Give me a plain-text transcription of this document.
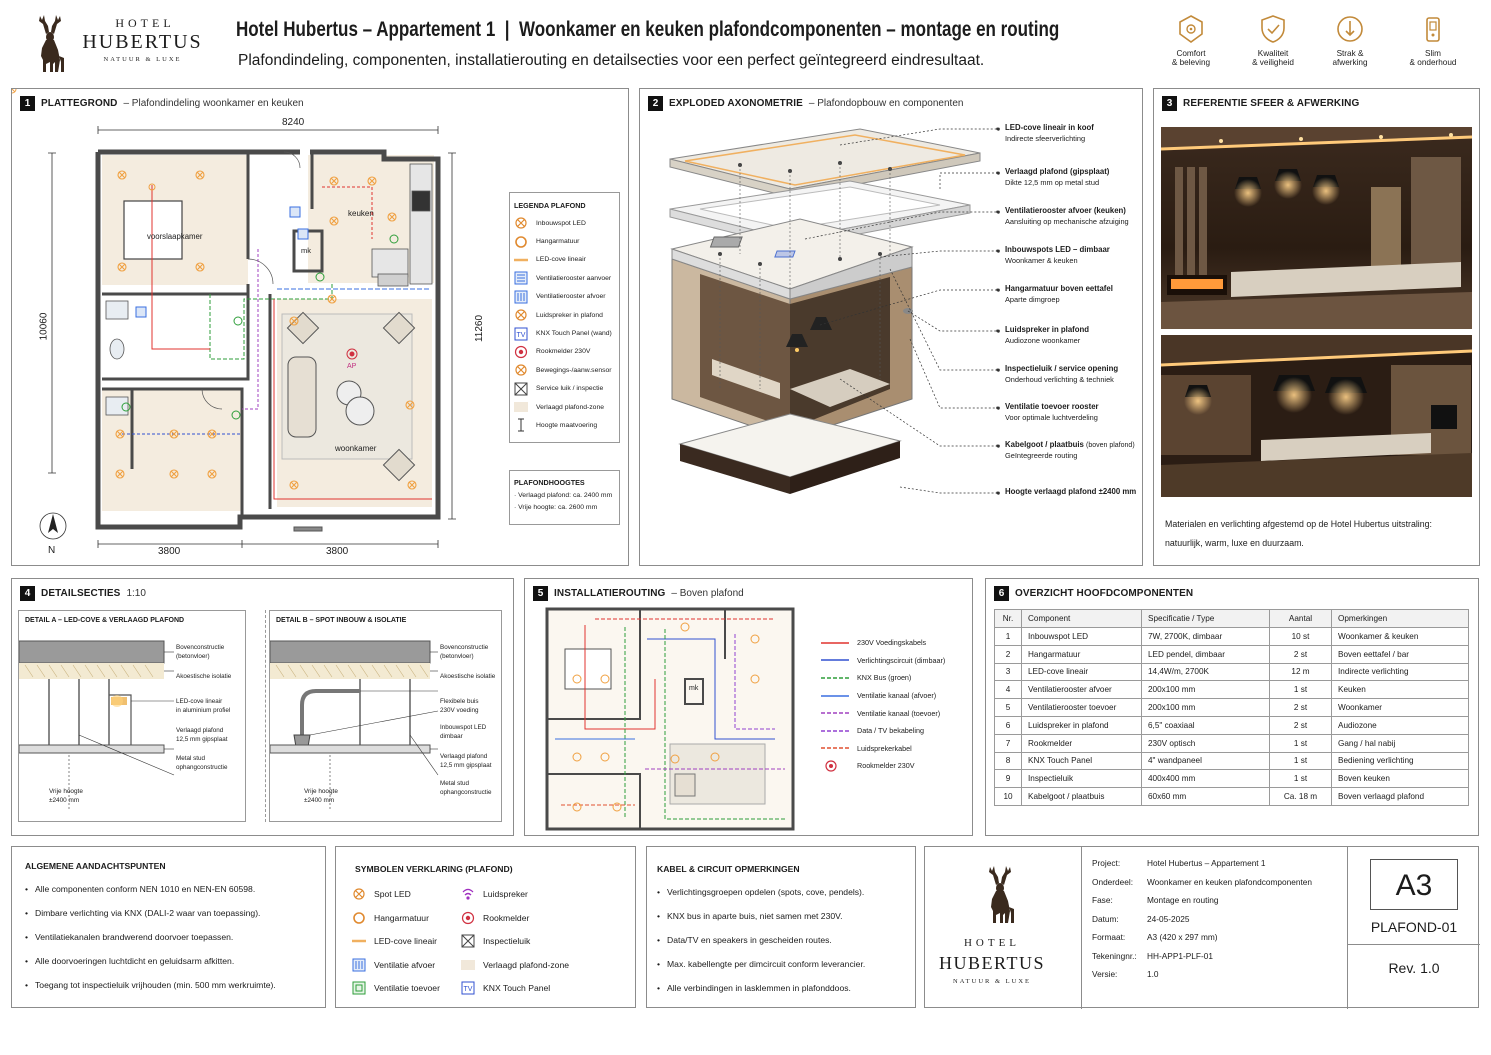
HOTEL
HUBERTUS
NATUUR & LUXE
Hotel Hubertus – Appartement 1  |  Woonkamer en keuken plafondcomponenten – montage en routing
Plafondindeling, componenten, installatierouting en detailsecties voor een perfect geïntegreerd eindresultaat.	Comfort
& beleving
Kwaliteit
& veiligheid
Strak &
afwerking
Slim
& onderhoud
1	PLATTEGROND – Plafondindeling woonkamer en keuken
8240
10060	11260
3800	3800
N
voorslaapkamer
keuken
mk
woonkamer
AP
LEGENDA PLAFOND
Inbouwspot LED
Hangarmatuur
LED-cove lineair
Ventilatierooster aanvoer
Ventilatierooster afvoer
Luidspreker in plafond
TV KNX Touch Panel (wand)
Rookmelder 230V
Bewegings-/aanw.sensor
Service luik / inspectie
Verlaagd plafond-zone
Hoogte maatvoering
PLAFONDHOOGTES
· Verlaagd plafond: ca. 2400 mm
· Vrije hoogte: ca. 2600 mm
2	EXPLODED AXONOMETRIE – Plafondopbouw en componenten
LED-cove lineair in koof
Indirecte sfeerverlichting
Verlaagd plafond (gipsplaat)
Dikte 12,5 mm op metal stud
Ventilatierooster afvoer (keuken)
Aansluiting op mechanische afzuiging
Inbouwspots LED – dimbaar
Woonkamer & keuken
Hangarmatuur boven eettafel
Aparte dimgroep
Luidspreker in plafond
Audiozone woonkamer
Inspectieluik / service opening
Onderhoud verlichting & techniek
Ventilatie toevoer rooster
Voor optimale luchtverdeling
Kabelgoot / plaatbuis (boven plafond)
Geïntegreerde routing
Hoogte verlaagd plafond ±2400 mm
3	REFERENTIE SFEER & AFWERKING
Materialen en verlichting afgestemd op de Hotel Hubertus uitstraling:
natuurlijk, warm, luxe en duurzaam.
4	DETAILSECTIES 1:10
DETAIL A – LED-COVE & VERLAAGD PLAFOND
Bovenconstructie
(betonvloer)
Akoestische isolatie
LED-cove lineair
in aluminium profiel
Verlaagd plafond
12,5 mm gipsplaat
Metal stud
ophangconstructie
Vrije hoogte
±2400 mm
DETAIL B – SPOT INBOUW & ISOLATIE
Bovenconstructie
(betonvloer)
Akoestische isolatie
Flexibele buis
230V voeding
Inbouwspot LED
dimbaar
Verlaagd plafond
12,5 mm gipsplaat
Metal stud
ophangconstructie
Vrije hoogte
±2400 mm
5	INSTALLATIEROUTING – Boven plafond
mk
230V Voedingskabels
Verlichtingscircuit (dimbaar)
KNX Bus (groen)
Ventilatie kanaal (afvoer)
Ventilatie kanaal (toevoer)
Data / TV bekabeling
Luidsprekerkabel
Rookmelder 230V
6	OVERZICHT HOOFDCOMPONENTEN
Nr.	Component	Specificatie / Type	Aantal	Opmerkingen
1	Inbouwspot LED	7W, 2700K, dimbaar	10 st	Woonkamer & keuken
2	Hangarmatuur	LED pendel, dimbaar	2 st	Boven eettafel / bar
3	LED-cove lineair	14,4W/m, 2700K	12 m	Indirecte verlichting
4	Ventilatierooster afvoer	200x100 mm	1 st	Keuken
5	Ventilatierooster toevoer	200x100 mm	2 st	Woonkamer
6	Luidspreker in plafond	6,5" coaxiaal	2 st	Audiozone
7	Rookmelder	230V optisch	1 st	Gang / hal nabij
8	KNX Touch Panel	4" wandpaneel	1 st	Bediening verlichting
9	Inspectieluik	400x400 mm	1 st	Boven keuken
10	Kabelgoot / plaatbuis	60x60 mm	Ca. 18 m	Boven verlaagd plafond
ALGEMENE AANDACHTSPUNTEN
• Alle componenten conform NEN 1010 en NEN-EN 60598.
• Dimbare verlichting via KNX (DALI-2 waar van toepassing).
• Ventilatiekanalen brandwerend doorvoer toepassen.
• Alle doorvoeringen luchtdicht en geluidsarm afkitten.
• Toegang tot inspectieluik vrijhouden (min. 500 mm werkruimte).
SYMBOLEN VERKLARING (PLAFOND)
Spot LED
Hangarmatuur
LED-cove lineair
Ventilatie afvoer
Ventilatie toevoer
Luidspreker
Rookmelder
Inspectieluik
Verlaagd plafond-zone
TV KNX Touch Panel
KABEL & CIRCUIT OPMERKINGEN
• Verlichtingsgroepen opdelen (spots, cove, pendels).
• KNX bus in aparte buis, niet samen met 230V.
• Data/TV en speakers in gescheiden routes.
• Max. kabellengte per dimcircuit conform leverancier.
• Alle verbindingen in lasklemmen in plafonddoos.
HOTEL
HUBERTUS
NATUUR & LUXE
Project:	Hotel Hubertus – Appartement 1
Onderdeel: Woonkamer en keuken plafondcomponenten
Fase:	Montage en routing
Datum:	24-05-2025
Formaat:	A3 (420 x 297 mm)
Tekeningnr.: HH-APP1-PLF-01
Versie:	1.0
A3
PLAFOND-01
Rev. 1.0
